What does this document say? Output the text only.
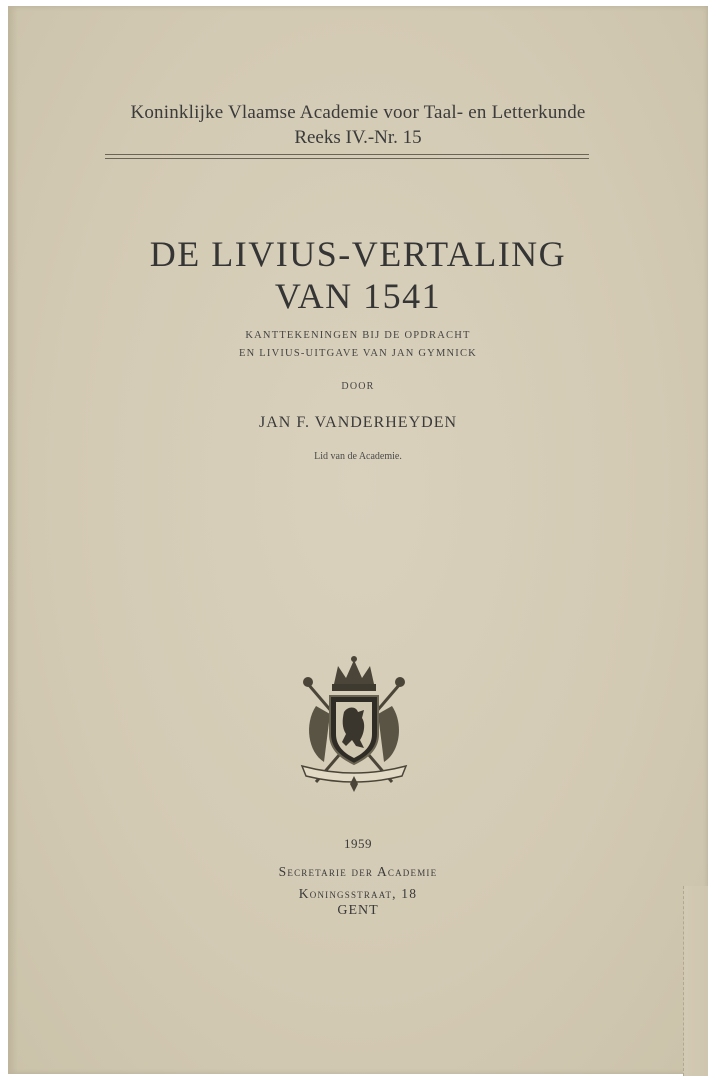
Koninklijke Vlaamse Academie voor Taal- en Letterkunde
Reeks IV.-Nr. 15
DE LIVIUS-VERTALING
VAN 1541
KANTTEKENINGEN BIJ DE OPDRACHT
EN LIVIUS-UITGAVE VAN JAN GYMNICK
DOOR
JAN F. VANDERHEYDEN
Lid van de Academie.
1959
Secretarie der Academie
Koningsstraat, 18
GENT
